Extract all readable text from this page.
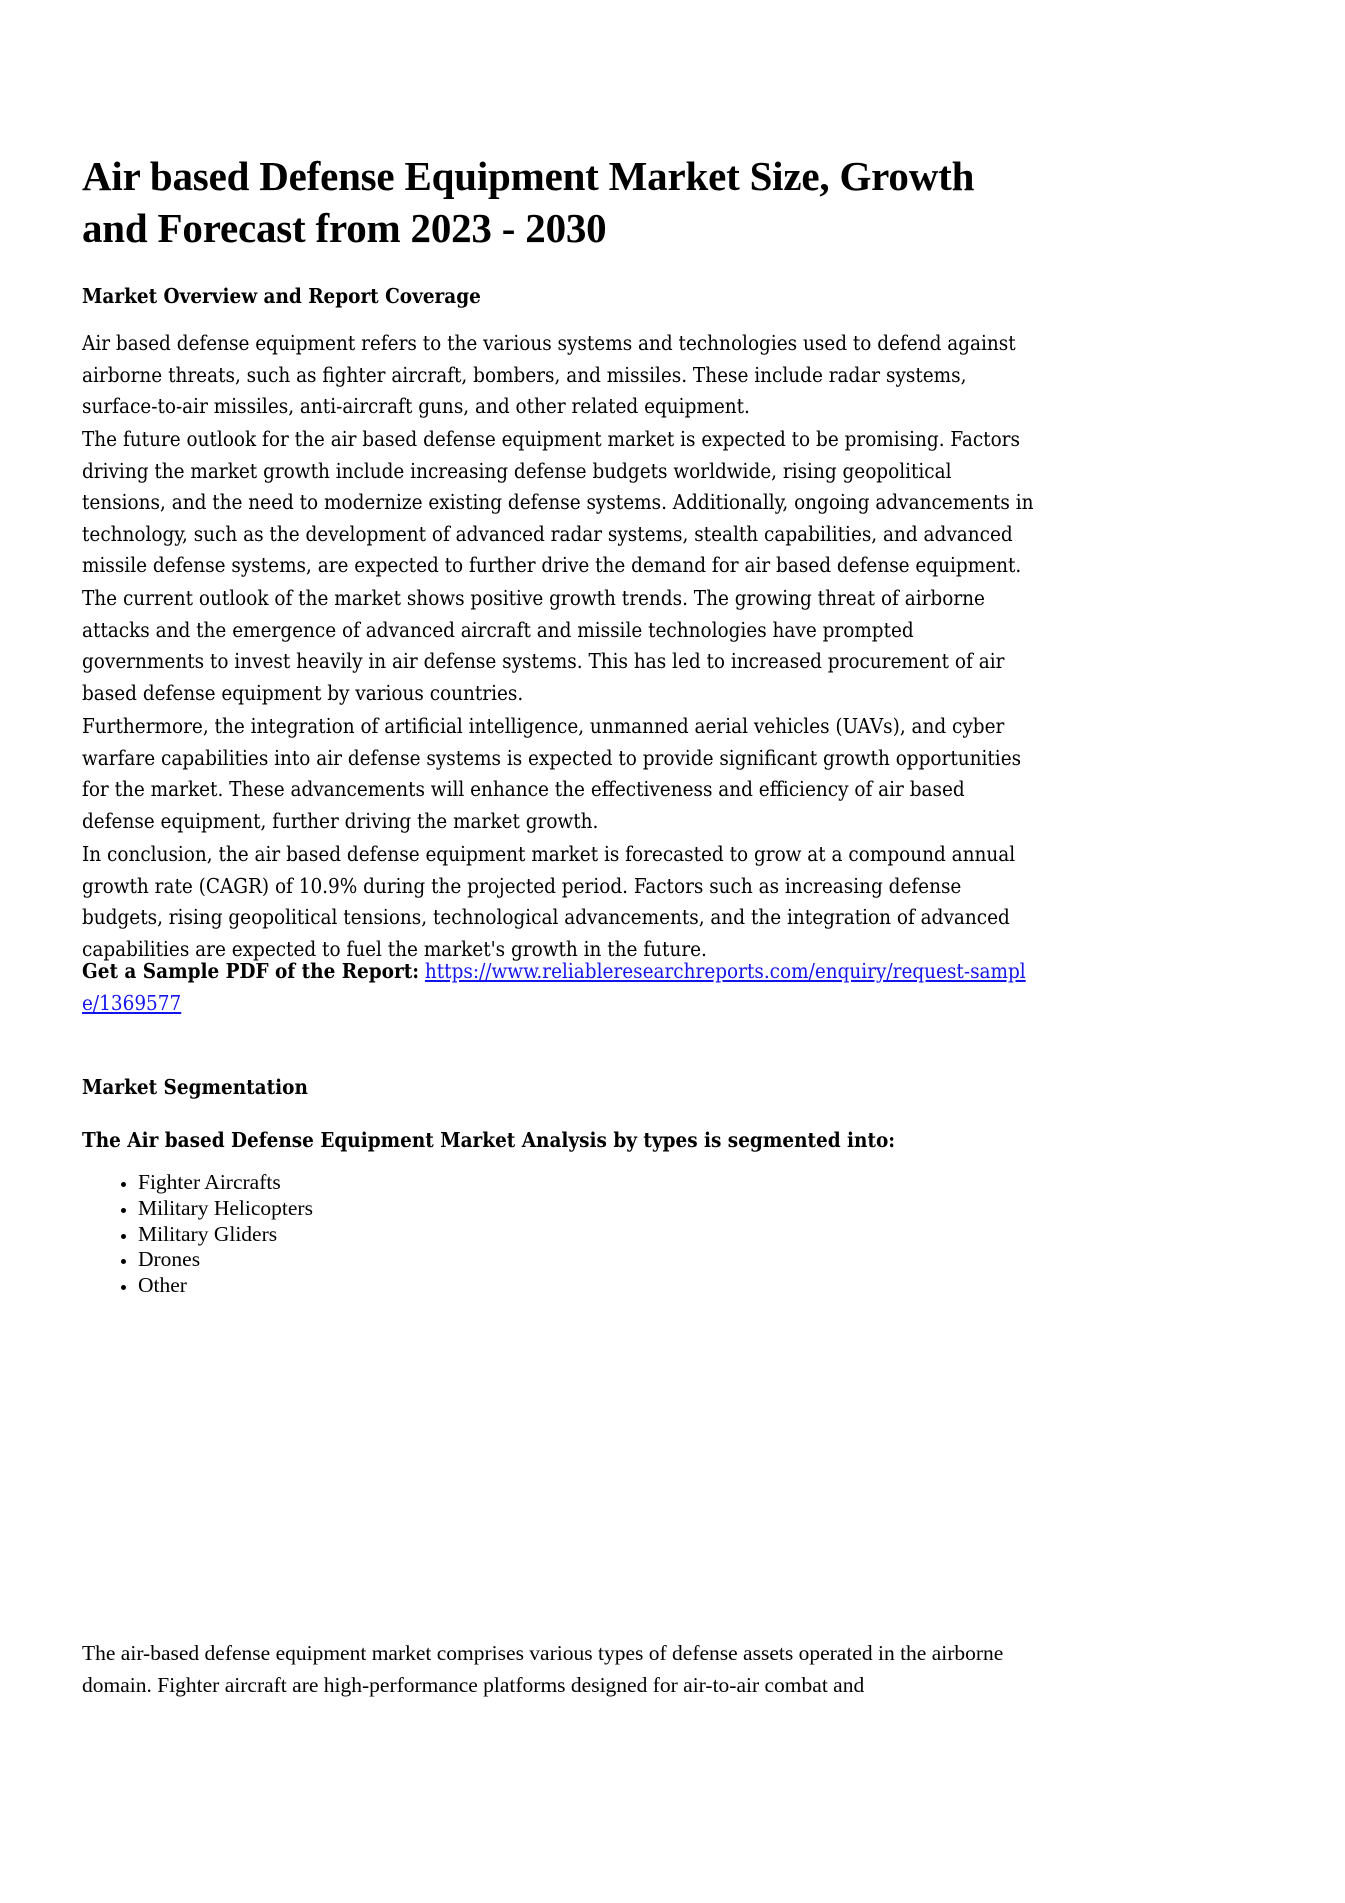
Air based Defense Equipment Market Size, Growth and Forecast from 2023 - 2030
Market Overview and Report Coverage

Air based defense equipment refers to the various systems and technologies used to defend against airborne threats, such as fighter aircraft, bombers, and missiles. These include radar systems, surface-to-air missiles, anti-aircraft guns, and other related equipment.

The future outlook for the air based defense equipment market is expected to be promising. Factors driving the market growth include increasing defense budgets worldwide, rising geopolitical tensions, and the need to modernize existing defense systems. Additionally, ongoing advancements in technology, such as the development of advanced radar systems, stealth capabilities, and advanced missile defense systems, are expected to further drive the demand for air based defense equipment.

The current outlook of the market shows positive growth trends. The growing threat of airborne attacks and the emergence of advanced aircraft and missile technologies have prompted governments to invest heavily in air defense systems. This has led to increased procurement of air based defense equipment by various countries.

Furthermore, the integration of artificial intelligence, unmanned aerial vehicles (UAVs), and cyber warfare capabilities into air defense systems is expected to provide significant growth opportunities for the market. These advancements will enhance the effectiveness and efficiency of air based defense equipment, further driving the market growth.

In conclusion, the air based defense equipment market is forecasted to grow at a compound annual growth rate (CAGR) of 10.9% during the projected period. Factors such as increasing defense budgets, rising geopolitical tensions, technological advancements, and the integration of advanced capabilities are expected to fuel the market's growth in the future.

Get a Sample PDF of the Report: https://www.reliableresearchreports.com/enquiry/request-sample/1369577

Market Segmentation
The Air based Defense Equipment Market Analysis by types is segmented into:
• Fighter Aircrafts
• Military Helicopters
• Military Gliders
• Drones
• Other

The air-based defense equipment market comprises various types of defense assets operated in the airborne domain. Fighter aircraft are high-performance platforms designed for air-to-air combat and
